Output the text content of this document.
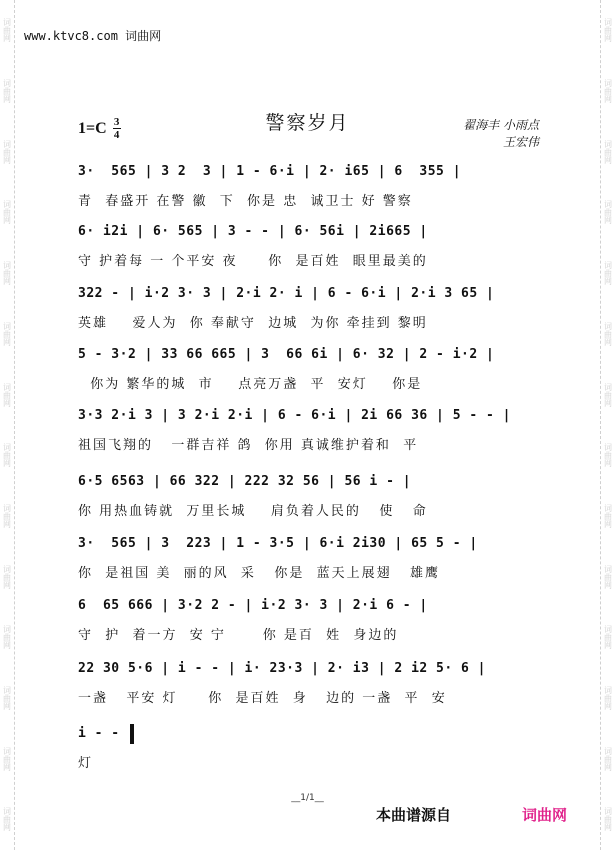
词曲网
词曲网
词曲网
词曲网
词曲网
词曲网
词曲网
词曲网
词曲网
词曲网
词曲网
词曲网
词曲网
词曲网
词曲网
词曲网
词曲网
词曲网
词曲网
词曲网
词曲网
词曲网
词曲网
词曲网
词曲网
词曲网
词曲网
词曲网
www.ktvc8.com 词曲网
警察岁月
1=C 3
4
翟海丰 小雨点
王宏伟
3·  565 | 3 2  3 | 1 - 6·i | 2· i65 | 6  355 |
青  春盛开 在警 徽  下  你是 忠  诚卫士 好 警察
6· i2i | 6· 565 | 3 - - | 6· 56i | 2i665 |
守 护着每 一 个平安 夜     你  是百姓  眼里最美的
322 - | i·2 3· 3 | 2·i 2· i | 6 - 6·i | 2·i 3 65 |
英雄    爱人为  你 奉献守  边城  为你 牵挂到 黎明
5 - 3·2 | 33 66 665 | 3  66 6i | 6· 32 | 2 - i·2 |
你为 繁华的城  市    点亮万盏  平  安灯    你是
3·3 2·i 3 | 3 2·i 2·i | 6 - 6·i | 2i 66 36 | 5 - - |
祖国飞翔的   一群吉祥 鸽  你用 真诚维护着和  平
6·5 6563 | 66 322 | 222 32 56 | 56 i - |
你 用热血铸就  万里长城    肩负着人民的   使   命
3·  565 | 3  223 | 1 - 3·5 | 6·i 2i30 | 65 5 - |
你  是祖国 美  丽的风  采   你是  蓝天上展翅   雄鹰
6  65 666 | 3·2 2 - | i·2 3· 3 | 2·i 6 - |
守  护  着一方  安 宁      你 是百  姓  身边的
22 30 5·6 | i - - | i· 23·3 | 2· i3 | 2 i2 5· 6 |
一盏   平安 灯     你  是百姓  身   边的 一盏  平  安
i - -
灯
__1/1__
本曲谱源自	词曲网
